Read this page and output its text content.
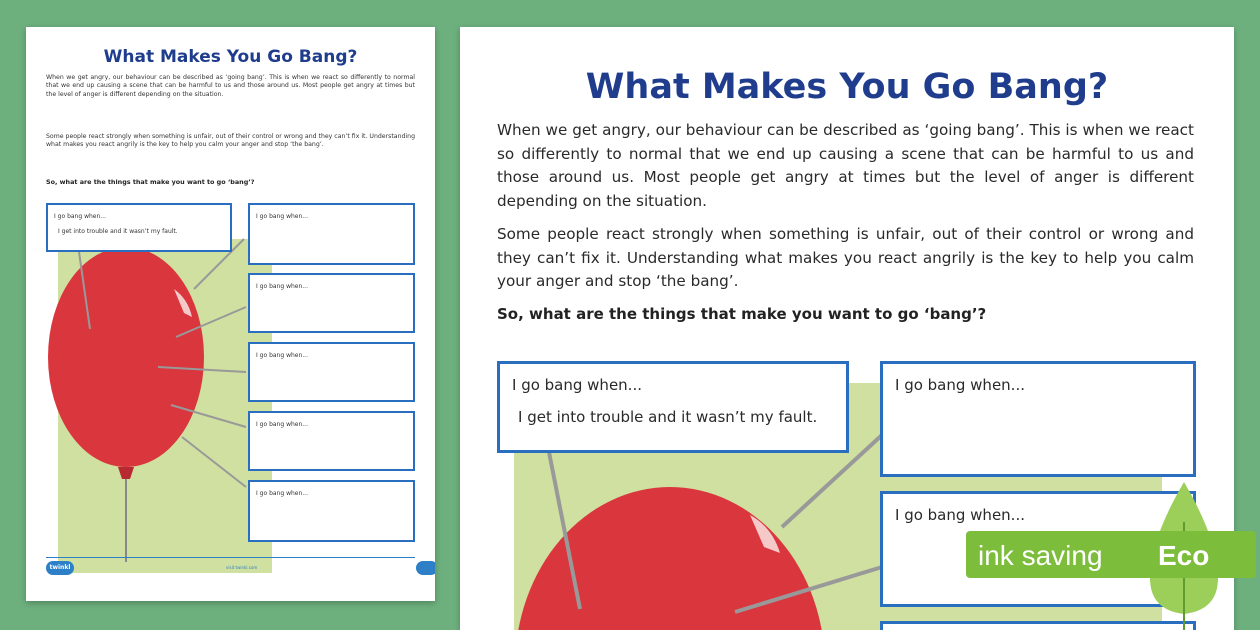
What Makes You Go Bang?
When we get angry, our behaviour can be described as ‘going bang’. This is when we react so differently to normal that we end up causing a scene that can be harmful to us and those around us. Most people get angry at times but the level of anger is different depending on the situation.
Some people react strongly when something is unfair, out of their control or wrong and they can’t fix it. Understanding what makes you react angrily is the key to help you calm your anger and stop ‘the bang’.
So, what are the things that make you want to go ‘bang’?
I go bang when...
I get into trouble and it wasn’t my fault.
I go bang when...
I go bang when...
I go bang when...
I go bang when...
I go bang when...
twinkl	visit twinkl.com
What Makes You Go Bang?
When we get angry, our behaviour can be described as ‘going bang’. This is when we react so differently to normal that we end up causing a scene that can be harmful to us and those around us. Most people get angry at times but the level of anger is different depending on the situation.
Some people react strongly when something is unfair, out of their control or wrong and they can’t fix it. Understanding what makes you react angrily is the key to help you calm your anger and stop ‘the bang’.
So, what are the things that make you want to go ‘bang’?
I go bang when...
I get into trouble and it wasn’t my fault.
I go bang when...
I go bang when...
ink saving Eco
